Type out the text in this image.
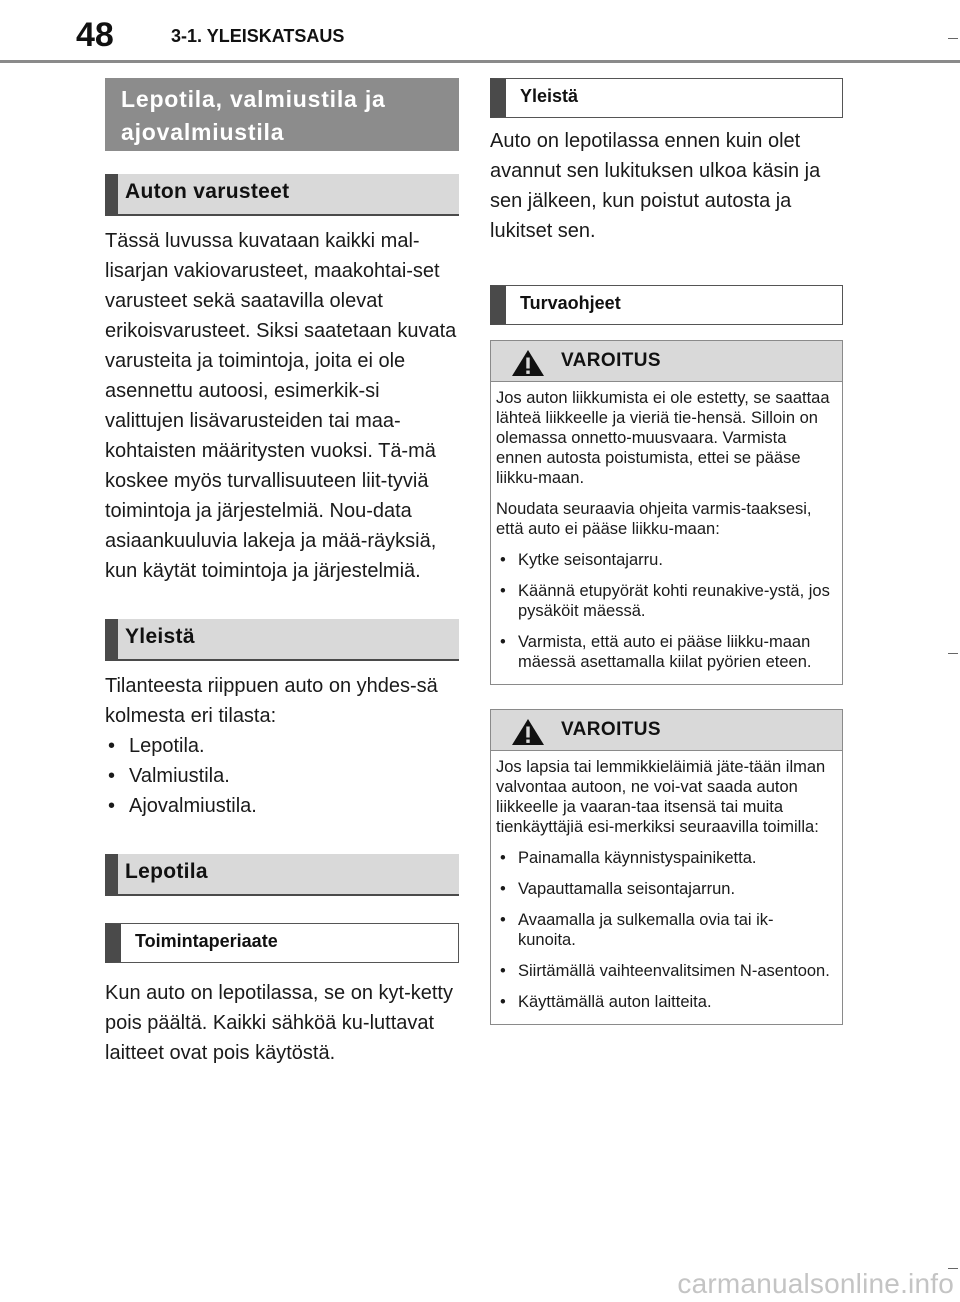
48	3-1. YLEISKATSAUS
Lepotila, valmiustila ja ajovalmiustila
Auton varusteet

Tässä luvussa kuvataan kaikki mal-lisarjan vakiovarusteet, maakohtai-set varusteet sekä saatavilla olevat erikoisvarusteet. Siksi saatetaan kuvata varusteita ja toimintoja, joita ei ole asennettu autoosi, esimerkik-si valittujen lisävarusteiden tai maa-kohtaisten määritysten vuoksi. Tä-mä koskee myös turvallisuuteen liit-tyviä toimintoja ja järjestelmiä. Nou-data asiaankuuluvia lakeja ja mää-räyksiä, kun käytät toimintoja ja järjestelmiä.

Yleistä

Tilanteesta riippuen auto on yhdes-sä kolmesta eri tilasta:

• Lepotila.
• Valmiustila.
• Ajovalmiustila.
Lepotila
Toimintaperiaate

Kun auto on lepotilassa, se on kyt-ketty pois päältä. Kaikki sähköä ku-luttavat laitteet ovat pois käytöstä.

Yleistä

Auto on lepotilassa ennen kuin olet avannut sen lukituksen ulkoa käsin ja sen jälkeen, kun poistut autosta ja lukitset sen.

Turvaohjeet
VAROITUS

Jos auton liikkumista ei ole estetty, se saattaa lähteä liikkeelle ja vieriä tie-hensä. Silloin on olemassa onnetto-muusvaara. Varmista ennen autosta poistumista, ettei se pääse liikku-maan.

Noudata seuraavia ohjeita varmis-taaksesi, että auto ei pääse liikku-maan:

• Kytke seisontajarru.
• Käännä etupyörät kohti reunakive-ystä, jos pysäköit mäessä.
• Varmista, että auto ei pääse liikku-maan mäessä asettamalla kiilat pyörien eteen.
VAROITUS

Jos lapsia tai lemmikkieläimiä jäte-tään ilman valvontaa autoon, ne voi-vat saada auton liikkeelle ja vaaran-taa itsensä tai muita tienkäyttäjiä esi-merkiksi seuraavilla toimilla:

• Painamalla käynnistyspainiketta.
• Vapauttamalla seisontajarrun.
• Avaamalla ja sulkemalla ovia tai ik-kunoita.
• Siirtämällä vaihteenvalitsimen N-asentoon.
• Käyttämällä auton laitteita.
carmanualsonline.info
